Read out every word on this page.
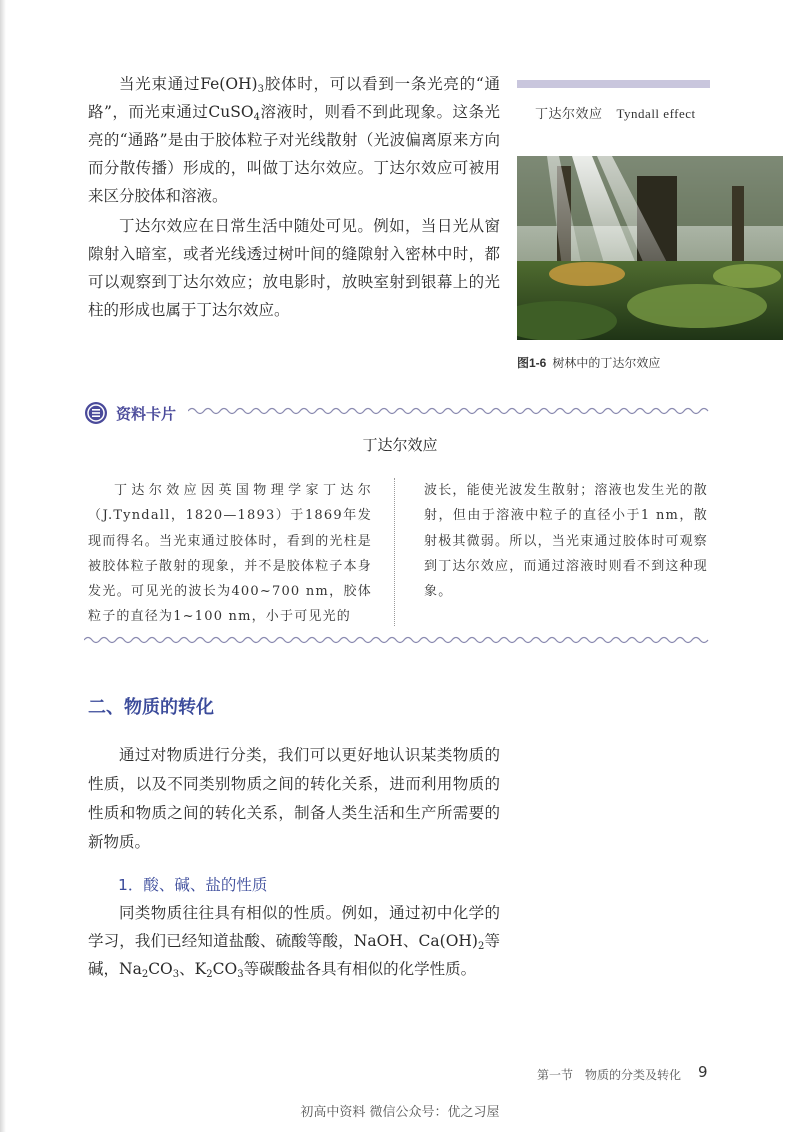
当光束通过$Fe(OH)_3$胶体时，可以看到一条光亮的“通路”，而光束通过CuSO$_4$溶液时，则看不到此现象。这条光亮的“通路”是由于胶体粒子对光线散射（光波偏离原来方向而分散传播）形成的，叫做丁达尔效应。丁达尔效应可被用来区分胶体和溶液。

丁达尔效应在日常生活中随处可见。例如，当日光从窗隙射入暗室，或者光线透过树叶间的缝隙射入密林中时，都可以观察到丁达尔效应；放电影时，放映室射到银幕上的光柱的形成也属于丁达尔效应。

丁达尔效应 Tyndall effect
图1-6 树林中的丁达尔效应
资料卡片
丁达尔效应
丁达尔效应因英国物理学家丁达尔（J.Tyndall，1820—1893）于1869年发现而得名。当光束通过胶体时，看到的光柱是被胶体粒子散射的现象，并不是胶体粒子本身发光。可见光的波长为400~700 nm，胶体粒子的直径为1~100 nm，小于可见光的
波长，能使光波发生散射；溶液也发生光的散射，但由于溶液中粒子的直径小于1 nm，散射极其微弱。所以，当光束通过胶体时可观察到丁达尔效应，而通过溶液时则看不到这种现象。
二、物质的转化

通过对物质进行分类，我们可以更好地认识某类物质的性质，以及不同类别物质之间的转化关系，进而利用物质的性质和物质之间的转化关系，制备人类生活和生产所需要的新物质。

1．酸、碱、盐的性质

同类物质往往具有相似的性质。例如，通过初中化学的学习，我们已经知道盐酸、硫酸等酸，NaOH、$Ca(OH)_2$等碱，$Na_2CO_3$、$K_2CO_3$等碳酸盐各具有相似的化学性质。

第一节　物质的分类及转化 9
初高中资料 微信公众号：优之习屋
